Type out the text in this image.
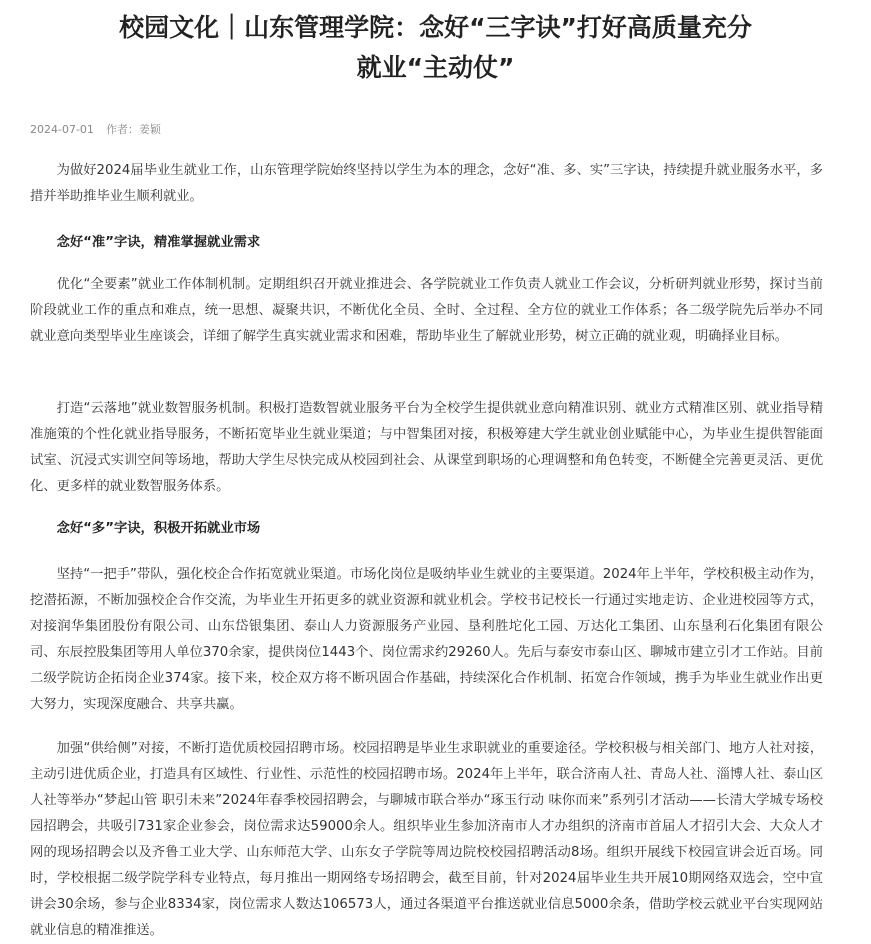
校园文化｜山东管理学院：念好“三字诀”打好高质量充分
就业“主动仗”
2024-07-01 作者：姜颖

为做好2024届毕业生就业工作，山东管理学院始终坚持以学生为本的理念，念好“准、多、实”三字诀，持续提升就业服务水平，多措并举助推毕业生顺利就业。

念好“准”字诀，精准掌握就业需求

优化“全要素”就业工作体制机制。定期组织召开就业推进会、各学院就业工作负责人就业工作会议，分析研判就业形势，探讨当前阶段就业工作的重点和难点，统一思想、凝聚共识，不断优化全员、全时、全过程、全方位的就业工作体系；各二级学院先后举办不同就业意向类型毕业生座谈会，详细了解学生真实就业需求和困难，帮助毕业生了解就业形势，树立正确的就业观，明确择业目标。

打造“云落地”就业数智服务机制。积极打造数智就业服务平台为全校学生提供就业意向精准识别、就业方式精准区别、就业指导精准施策的个性化就业指导服务，不断拓宽毕业生就业渠道；与中智集团对接，积极筹建大学生就业创业赋能中心，为毕业生提供智能面试室、沉浸式实训空间等场地，帮助大学生尽快完成从校园到社会、从课堂到职场的心理调整和角色转变，不断健全完善更灵活、更优化、更多样的就业数智服务体系。

念好“多”字诀，积极开拓就业市场

坚持“一把手”带队，强化校企合作拓宽就业渠道。市场化岗位是吸纳毕业生就业的主要渠道。2024年上半年，学校积极主动作为，挖潜拓源，不断加强校企合作交流，为毕业生开拓更多的就业资源和就业机会。学校书记校长一行通过实地走访、企业进校园等方式，对接润华集团股份有限公司、山东岱银集团、泰山人力资源服务产业园、垦利胜坨化工园、万达化工集团、山东垦利石化集团有限公司、东辰控股集团等用人单位370余家，提供岗位1443个、岗位需求约29260人。先后与泰安市泰山区、聊城市建立引才工作站。目前二级学院访企拓岗企业374家。接下来，校企双方将不断巩固合作基础，持续深化合作机制、拓宽合作领域，携手为毕业生就业作出更大努力，实现深度融合、共享共赢。

加强“供给侧”对接，不断打造优质校园招聘市场。校园招聘是毕业生求职就业的重要途径。学校积极与相关部门、地方人社对接，主动引进优质企业，打造具有区域性、行业性、示范性的校园招聘市场。2024年上半年，联合济南人社、青岛人社、淄博人社、泰山区人社等举办“梦起山管 职引未来”2024年春季校园招聘会，与聊城市联合举办“琢玉行动 味你而来”系列引才活动——长清大学城专场校园招聘会，共吸引731家企业参会，岗位需求达59000余人。组织毕业生参加济南市人才办组织的济南市首届人才招引大会、大众人才网的现场招聘会以及齐鲁工业大学、山东师范大学、山东女子学院等周边院校校园招聘活动8场。组织开展线下校园宣讲会近百场。同时，学校根据二级学院学科专业特点，每月推出一期网络专场招聘会，截至目前，针对2024届毕业生共开展10期网络双选会，空中宣讲会30余场，参与企业8334家，岗位需求人数达106573人，通过各渠道平台推送就业信息5000余条，借助学校云就业平台实现网站就业信息的精准推送。
